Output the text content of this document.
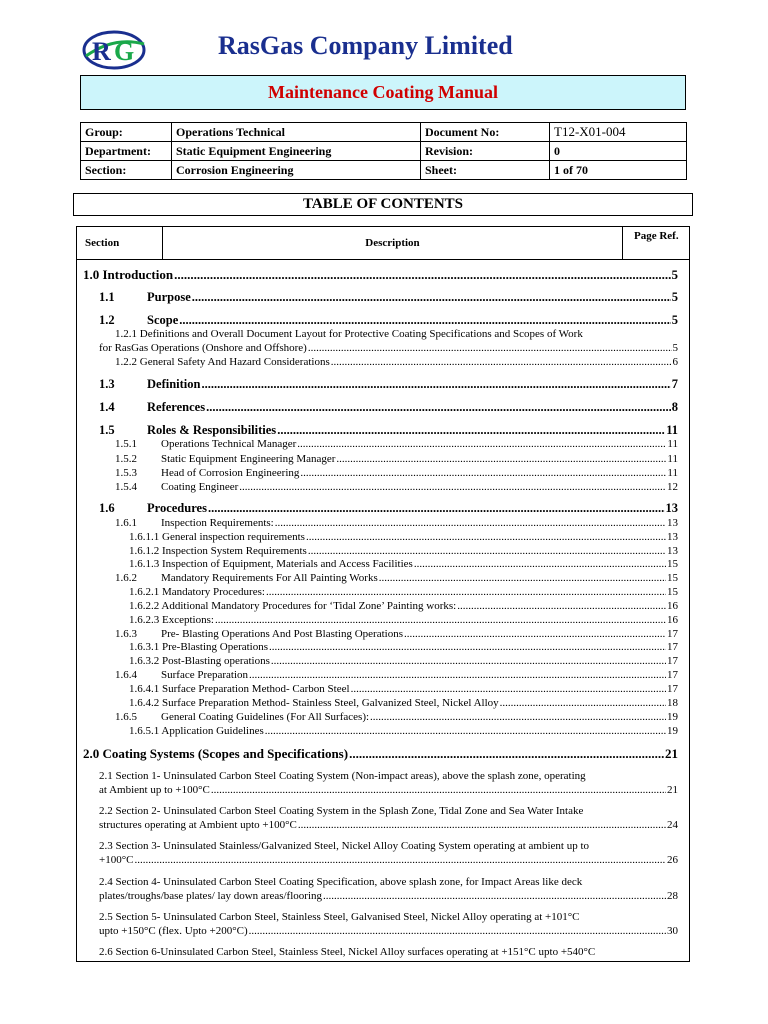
R G	RasGas Company Limited
Maintenance Coating Manual
Group:	Operations Technical	Document No:	T12-X01-004
Department:	Static Equipment Engineering	Revision:	0
Section:	Corrosion Engineering	Sheet:	1 of 70
TABLE OF CONTENTS
Section	Description
Page Ref.
1.0 Introduction .....	5
1.1	Purpose .....	5
1.2	Scope .....	5
1.2.1 Definitions and Overall Document Layout for Protective Coating Specifications and Scopes of Work
for RasGas Operations (Onshore and Offshore) .....	5
1.2.2 General Safety And Hazard Considerations .....	6
1.3	Definition .....	7
1.4	References .....	8
1.5	Roles & Responsibilities .....	11
1.5.1	Operations Technical Manager .....	11
1.5.2	Static Equipment Engineering Manager .....	11
1.5.3	Head of Corrosion Engineering .....	11
1.5.4	Coating Engineer .....	12
1.6	Procedures .....	13
1.6.1	Inspection Requirements: .....	13
1.6.1.1 General inspection requirements .....	13
1.6.1.2 Inspection System Requirements .....	13
1.6.1.3 Inspection of Equipment, Materials and Access Facilities .....	15
1.6.2	Mandatory Requirements For All Painting Works .....	15
1.6.2.1 Mandatory Procedures: .....	15
1.6.2.2 Additional Mandatory Procedures for ‘Tidal Zone’ Painting works: .....	16
1.6.2.3 Exceptions: .....	16
1.6.3	Pre- Blasting Operations And Post Blasting Operations .....	17
1.6.3.1 Pre-Blasting Operations .....	17
1.6.3.2 Post-Blasting operations .....	17
1.6.4	Surface Preparation .....	17
1.6.4.1 Surface Preparation Method- Carbon Steel .....	17
1.6.4.2 Surface Preparation Method- Stainless Steel, Galvanized Steel, Nickel Alloy .....	18
1.6.5	General Coating Guidelines (For All Surfaces): .....	19
1.6.5.1 Application Guidelines .....	19
2.0 Coating Systems (Scopes and Specifications) .....	21
2.1 Section 1- Uninsulated Carbon Steel Coating System (Non-impact areas), above the splash zone, operating
at Ambient up to +100°C .....	21
2.2 Section 2- Uninsulated Carbon Steel Coating System in the Splash Zone, Tidal Zone and Sea Water Intake
structures operating at Ambient upto +100°C .....	24
2.3 Section 3- Uninsulated Stainless/Galvanized Steel, Nickel Alloy Coating System operating at ambient up to
+100°C .....	26
2.4 Section 4- Uninsulated Carbon Steel Coating Specification, above splash zone, for Impact Areas like deck
plates/troughs/base plates/ lay down areas/flooring .....	28
2.5 Section 5- Uninsulated Carbon Steel, Stainless Steel, Galvanised Steel, Nickel Alloy operating at +101°C
upto +150°C (flex. Upto +200°C) .....	30
2.6 Section 6-Uninsulated Carbon Steel, Stainless Steel, Nickel Alloy surfaces operating at +151°C upto +540°C
